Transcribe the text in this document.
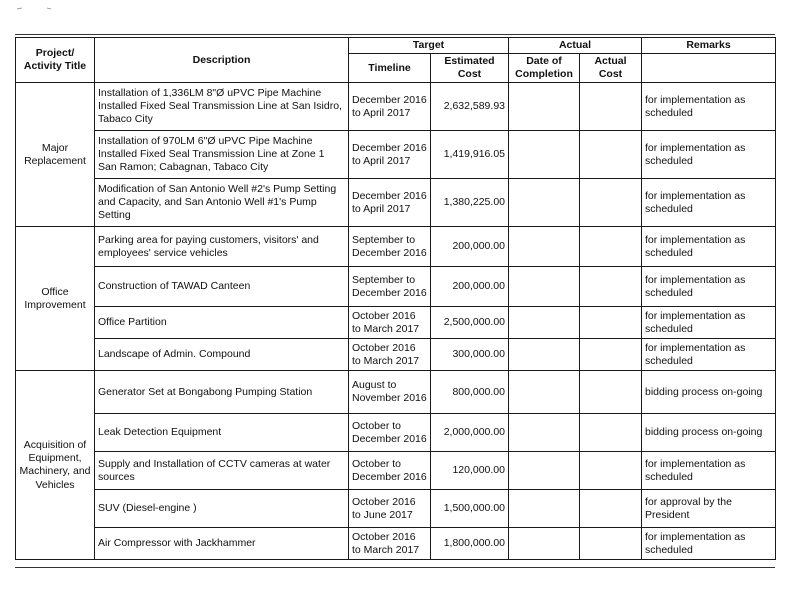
Project/ Activity Title	Description	Target		Actual		Remarks
		Timeline	Estimated Cost	Date of Completion	Actual Cost	
Major Replacement	Installation of 1,336LM 8"Ø uPVC Pipe Machine Installed Fixed Seal Transmission Line at San Isidro, Tabaco City	December 2016 to April 2017	2,632,589.93			for implementation as scheduled
	Installation of 970LM 6"Ø uPVC Pipe Machine Installed Fixed Seal Transmission Line at Zone 1 San Ramon; Cabagnan, Tabaco City	December 2016 to April 2017	1,419,916.05			for implementation as scheduled
	Modification of San Antonio Well #2's Pump Setting and Capacity, and San Antonio Well #1's Pump Setting	December 2016 to April 2017	1,380,225.00			for implementation as scheduled
Office Improvement	Parking area for paying customers, visitors' and employees' service vehicles	September to December 2016	200,000.00			for implementation as scheduled
	Construction of TAWAD Canteen	September to December 2016	200,000.00			for implementation as scheduled
	Office Partition	October 2016 to March 2017	2,500,000.00			for implementation as scheduled
	Landscape of Admin. Compound	October 2016 to March 2017	300,000.00			for implementation as scheduled
Acquisition of Equipment, Machinery, and Vehicles	Generator Set at Bongabong Pumping Station	August to November 2016	800,000.00			bidding process on-going
	Leak Detection Equipment	October to December 2016	2,000,000.00			bidding process on-going
	Supply and Installation of CCTV cameras at water sources	October to December 2016	120,000.00			for implementation as scheduled
	SUV (Diesel-engine )	October 2016 to June 2017	1,500,000.00			for approval by the President
	Air Compressor with Jackhammer	October 2016 to March 2017	1,800,000.00			for implementation as scheduled
